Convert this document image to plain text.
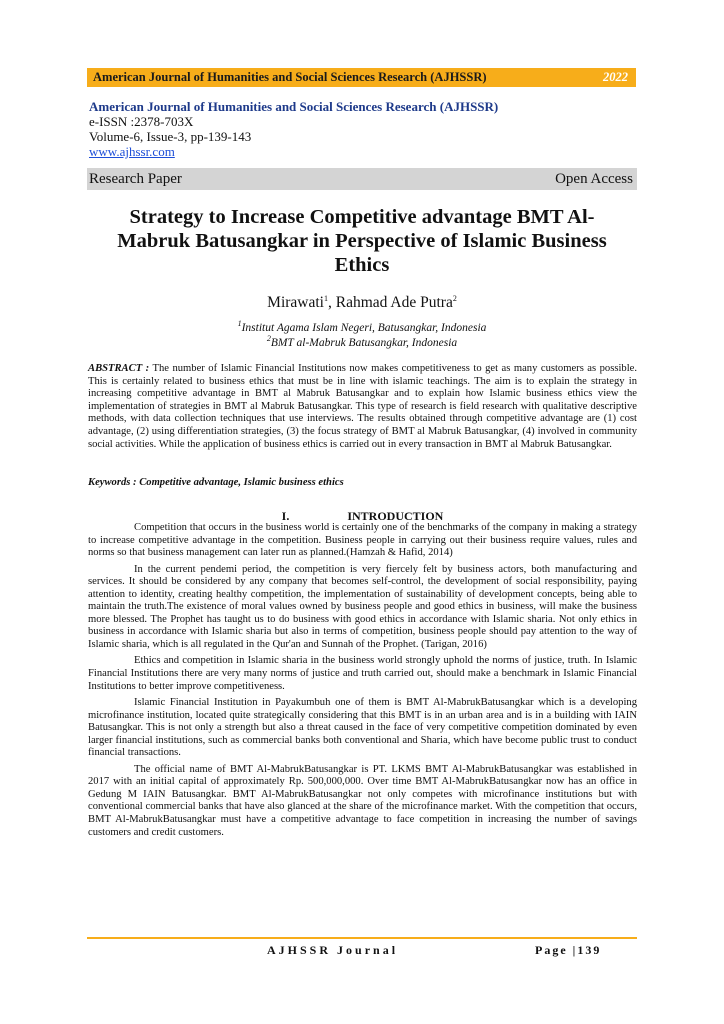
American Journal of Humanities and Social Sciences Research (AJHSSR)	2022
American Journal of Humanities and Social Sciences Research (AJHSSR)
e-ISSN :2378-703X
Volume-6, Issue-3, pp-139-143
www.ajhssr.com
Research Paper	Open Access
Strategy to Increase Competitive advantage BMT Al-
Mabruk Batusangkar in Perspective of Islamic Business
Ethics
Mirawati$^1$, Rahmad Ade Putra$^2$
$^1$Institut Agama Islam Negeri, Batusangkar, Indonesia
$^2$BMT al-Mabruk Batusangkar, Indonesia
ABSTRACT : The number of Islamic Financial Institutions now makes competitiveness to get as many customers as possible. This is certainly related to business ethics that must be in line with islamic teachings. The aim is to explain the strategy in increasing competitive advantage in BMT al Mabruk Batusangkar and to explain how Islamic business ethics view the implementation of strategies in BMT al Mabruk Batusangkar. This type of research is field research with qualitative descriptive methods, with data collection techniques that use interviews. The results obtained through competitive advantage are (1) cost advantage, (2) using differentiation strategies, (3) the focus strategy of BMT al Mabruk Batusangkar, (4) involved in community social activities. While the application of business ethics is carried out in every transaction in BMT al Mabruk Batusangkar.
Keywords : Competitive advantage, Islamic business ethics
I.	INTRODUCTION

Competition that occurs in the business world is certainly one of the benchmarks of the company in making a strategy to increase competitive advantage in the competition. Business people in carrying out their business require values, rules and norms so that business management can later run as planned.(Hamzah & Hafid, 2014)

In the current pendemi period, the competition is very fiercely felt by business actors, both manufacturing and services. It should be considered by any company that becomes self-control, the development of social responsibility, paying attention to identity, creating healthy competition, the implementation of sustainability of development concepts, being able to maintain the truth.The existence of moral values owned by business people and good ethics in business, will make the business more blessed. The Prophet has taught us to do business with good ethics in accordance with Islamic sharia. Not only ethics in business in accordance with Islamic sharia but also in terms of competition, business people should pay attention to the way of Islamic sharia, which is all regulated in the Qur'an and Sunnah of the Prophet. (Tarigan, 2016)

Ethics and competition in Islamic sharia in the business world strongly uphold the norms of justice, truth. In Islamic Financial Institutions there are very many norms of justice and truth carried out, should make a benchmark in Islamic Financial Institutions to better improve competitiveness.

Islamic Financial Institution in Payakumbuh one of them is BMT Al-MabrukBatusangkar which is a developing microfinance institution, located quite strategically considering that this BMT is in an urban area and is in a building with IAIN Batusangkar. This is not only a strength but also a threat caused in the face of very competitive competition dominated by even larger financial institutions, such as commercial banks both conventional and Sharia, which have become public trust to conduct financial transactions.

The official name of BMT Al-MabrukBatusangkar is PT. LKMS BMT Al-MabrukBatusangkar was established in 2017 with an initial capital of approximately Rp. 500,000,000. Over time BMT Al-MabrukBatusangkar now has an office in Gedung M IAIN Batusangkar. BMT Al-MabrukBatusangkar not only competes with microfinance institutions but with conventional commercial banks that have also glanced at the share of the microfinance market. With the competition that occurs, BMT Al-MabrukBatusangkar must have a competitive advantage to face competition in increasing the number of savings customers and credit customers.

AJHSSR Journal	Page |139
